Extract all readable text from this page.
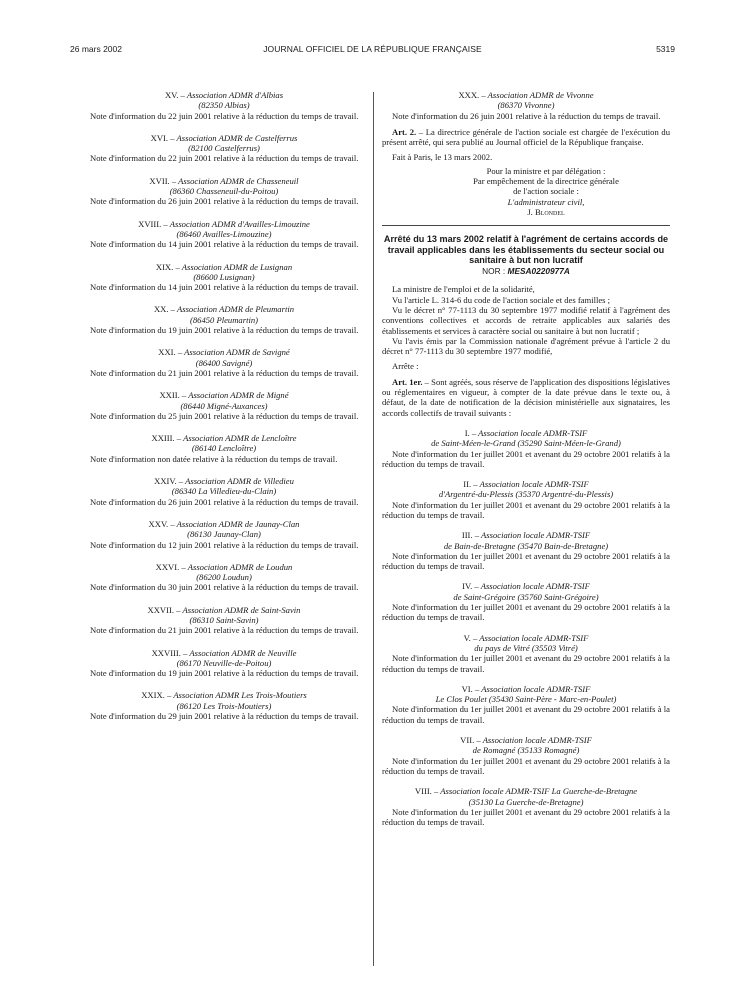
26 mars 2002	JOURNAL OFFICIEL DE LA RÉPUBLIQUE FRANÇAISE	5319
XV. – Association ADMR d'Albias
(82350 Albias)
Note d'information du 22 juin 2001 relative à la réduction du temps de travail.
XVI. – Association ADMR de Castelferrus
(82100 Castelferrus)
Note d'information du 22 juin 2001 relative à la réduction du temps de travail.
XVII. – Association ADMR de Chasseneuil
(86360 Chasseneuil-du-Poitou)
Note d'information du 26 juin 2001 relative à la réduction du temps de travail.
XVIII. – Association ADMR d'Availles-Limouzine
(86460 Availles-Limouzine)
Note d'information du 14 juin 2001 relative à la réduction du temps de travail.
XIX. – Association ADMR de Lusignan
(86600 Lusignan)
Note d'information du 14 juin 2001 relative à la réduction du temps de travail.
XX. – Association ADMR de Pleumartin
(86450 Pleumartin)
Note d'information du 19 juin 2001 relative à la réduction du temps de travail.
XXI. – Association ADMR de Savigné
(86400 Savigné)
Note d'information du 21 juin 2001 relative à la réduction du temps de travail.
XXII. – Association ADMR de Migné
(86440 Migné-Auxances)
Note d'information du 25 juin 2001 relative à la réduction du temps de travail.
XXIII. – Association ADMR de Lencloître
(86140 Lencloître)
Note d'information non datée relative à la réduction du temps de travail.
XXIV. – Association ADMR de Villedieu
(86340 La Villedieu-du-Clain)
Note d'information du 26 juin 2001 relative à la réduction du temps de travail.
XXV. – Association ADMR de Jaunay-Clan
(86130 Jaunay-Clan)
Note d'information du 12 juin 2001 relative à la réduction du temps de travail.
XXVI. – Association ADMR de Loudun
(86200 Loudun)
Note d'information du 30 juin 2001 relative à la réduction du temps de travail.
XXVII. – Association ADMR de Saint-Savin
(86310 Saint-Savin)
Note d'information du 21 juin 2001 relative à la réduction du temps de travail.
XXVIII. – Association ADMR de Neuville
(86170 Neuville-de-Poitou)
Note d'information du 19 juin 2001 relative à la réduction du temps de travail.
XXIX. – Association ADMR Les Trois-Moutiers
(86120 Les Trois-Moutiers)
Note d'information du 29 juin 2001 relative à la réduction du temps de travail.
XXX. – Association ADMR de Vivonne
(86370 Vivonne)
Note d'information du 26 juin 2001 relative à la réduction du temps de travail.
Art. 2. – La directrice générale de l'action sociale est chargée de l'exécution du présent arrêté, qui sera publié au Journal officiel de la République française.
Fait à Paris, le 13 mars 2002.
Pour la ministre et par délégation :
Par empêchement de la directrice générale
de l'action sociale :
L'administrateur civil,
J. Blondel
Arrêté du 13 mars 2002 relatif à l'agrément de certains accords de travail applicables dans les établissements du secteur social ou sanitaire à but non lucratif
NOR : MESA0220977A
La ministre de l'emploi et de la solidarité,
Vu l'article L. 314-6 du code de l'action sociale et des familles ;
Vu le décret n° 77-1113 du 30 septembre 1977 modifié relatif à l'agrément des conventions collectives et accords de retraite applicables aux salariés des établissements et services à caractère social ou sanitaire à but non lucratif ;
Vu l'avis émis par la Commission nationale d'agrément prévue à l'article 2 du décret n° 77-1113 du 30 septembre 1977 modifié,
Arrête :
Art. 1er. – Sont agréés, sous réserve de l'application des dispositions législatives ou réglementaires en vigueur, à compter de la date prévue dans le texte ou, à défaut, de la date de notification de la décision ministérielle aux signataires, les accords collectifs de travail suivants :
I. – Association locale ADMR-TSIF
de Saint-Méen-le-Grand (35290 Saint-Méen-le-Grand)
Note d'information du 1er juillet 2001 et avenant du 29 octobre 2001 relatifs à la réduction du temps de travail.
II. – Association locale ADMR-TSIF
d'Argentré-du-Plessis (35370 Argentré-du-Plessis)
Note d'information du 1er juillet 2001 et avenant du 29 octobre 2001 relatifs à la réduction du temps de travail.
III. – Association locale ADMR-TSIF
de Bain-de-Bretagne (35470 Bain-de-Bretagne)
Note d'information du 1er juillet 2001 et avenant du 29 octobre 2001 relatifs à la réduction du temps de travail.
IV. – Association locale ADMR-TSIF
de Saint-Grégoire (35760 Saint-Grégoire)
Note d'information du 1er juillet 2001 et avenant du 29 octobre 2001 relatifs à la réduction du temps de travail.
V. – Association locale ADMR-TSIF
du pays de Vitré (35503 Vitré)
Note d'information du 1er juillet 2001 et avenant du 29 octobre 2001 relatifs à la réduction du temps de travail.
VI. – Association locale ADMR-TSIF
Le Clos Poulet (35430 Saint-Père - Marc-en-Poulet)
Note d'information du 1er juillet 2001 et avenant du 29 octobre 2001 relatifs à la réduction du temps de travail.
VII. – Association locale ADMR-TSIF
de Romagné (35133 Romagné)
Note d'information du 1er juillet 2001 et avenant du 29 octobre 2001 relatifs à la réduction du temps de travail.
VIII. – Association locale ADMR-TSIF La Guerche-de-Bretagne
(35130 La Guerche-de-Bretagne)
Note d'information du 1er juillet 2001 et avenant du 29 octobre 2001 relatifs à la réduction du temps de travail.
